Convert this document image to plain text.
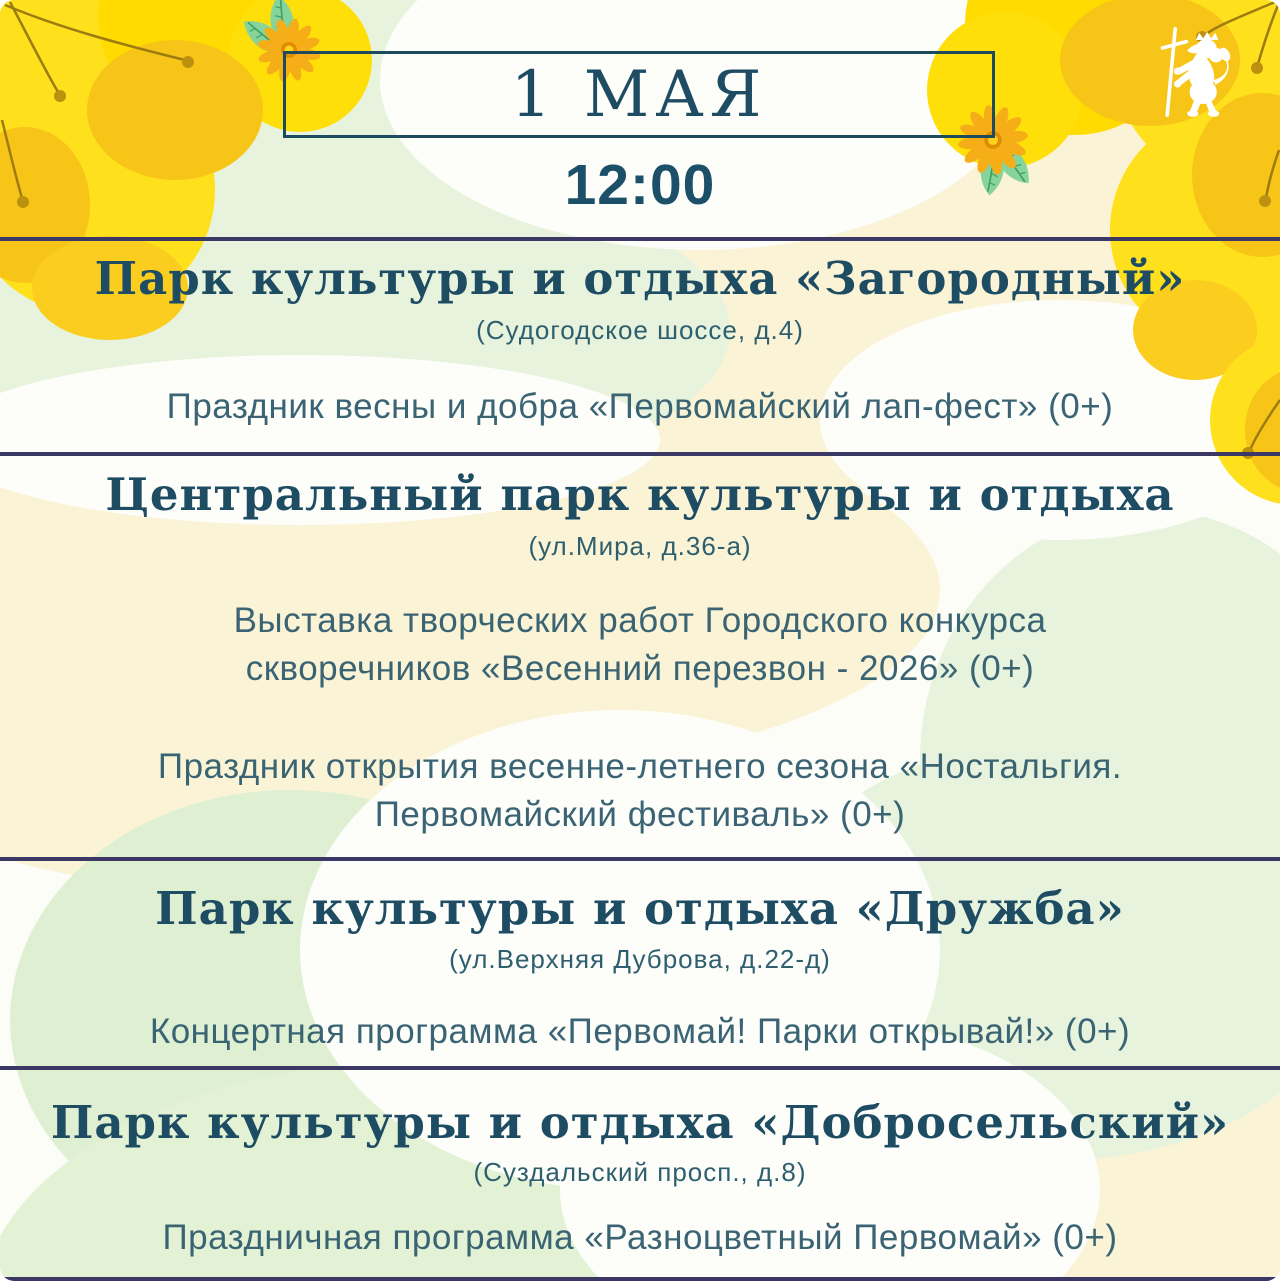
1 МАЯ
12:00
Парк культуры и отдыха «Загородный»
(Судогодское шоссе, д.4)

Праздник весны и добра «Первомайский лап-фест» (0+)

Центральный парк культуры и отдыха
(ул.Мира, д.36-а)

Выставка творческих работ Городского конкурса скворечников «Весенний перезвон - 2026» (0+)

Праздник открытия весенне-летнего сезона «Ностальгия. Первомайский фестиваль» (0+)

Парк культуры и отдыха «Дружба»
(ул.Верхняя Дуброва, д.22-д)

Концертная программа «Первомай! Парки открывай!» (0+)

Парк культуры и отдыха «Добросельский»
(Суздальский просп., д.8)

Праздничная программа «Разноцветный Первомай» (0+)
